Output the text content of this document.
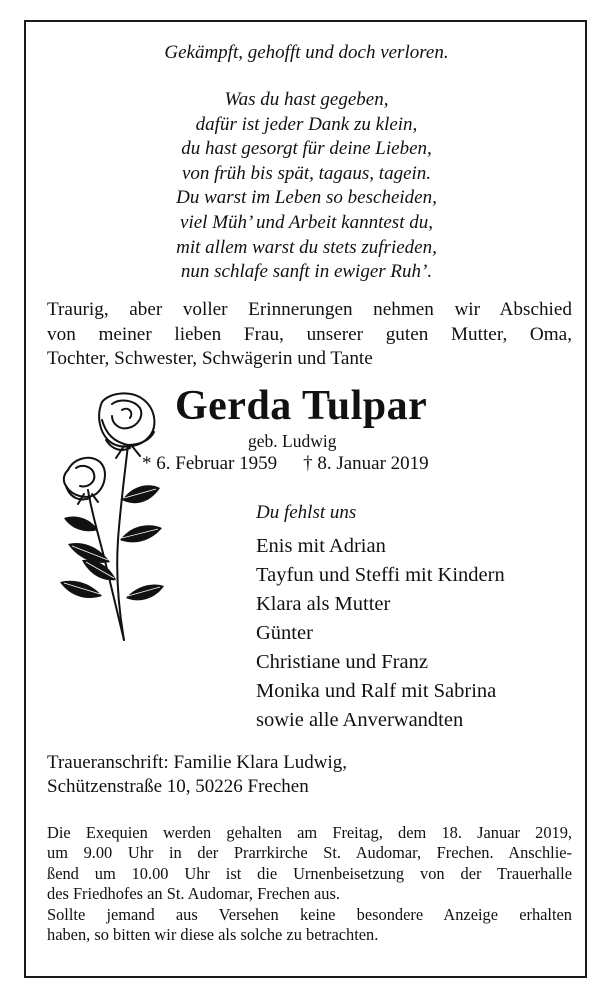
Gekämpft, gehofft und doch verloren.
Was du hast gegeben,
dafür ist jeder Dank zu klein,
du hast gesorgt für deine Lieben,
von früh bis spät, tagaus, tagein.
Du warst im Leben so bescheiden,
viel Müh’ und Arbeit kanntest du,
mit allem warst du stets zufrieden,
nun schlafe sanft in ewiger Ruh’.
Traurig, aber voller Erinnerungen nehmen wir Abschied
von meiner lieben Frau, unserer guten Mutter, Oma,
Tochter, Schwester, Schwägerin und Tante
Gerda Tulpar
geb. Ludwig
* 6. Februar 1959 † 8. Januar 2019
Du fehlst uns
Enis mit Adrian
Tayfun und Steffi mit Kindern
Klara als Mutter
Günter
Christiane und Franz
Monika und Ralf mit Sabrina
sowie alle Anverwandten
Traueranschrift: Familie Klara Ludwig,
Schützenstraße 10, 50226 Frechen
Die Exequien werden gehalten am Freitag, dem 18. Januar 2019,
um 9.00 Uhr in der Prarrkirche St. Audomar, Frechen. Anschlie-
ßend um 10.00 Uhr ist die Urnenbeisetzung von der Trauerhalle
des Friedhofes an St. Audomar, Frechen aus.
Sollte jemand aus Versehen keine besondere Anzeige erhalten
haben, so bitten wir diese als solche zu betrachten.
